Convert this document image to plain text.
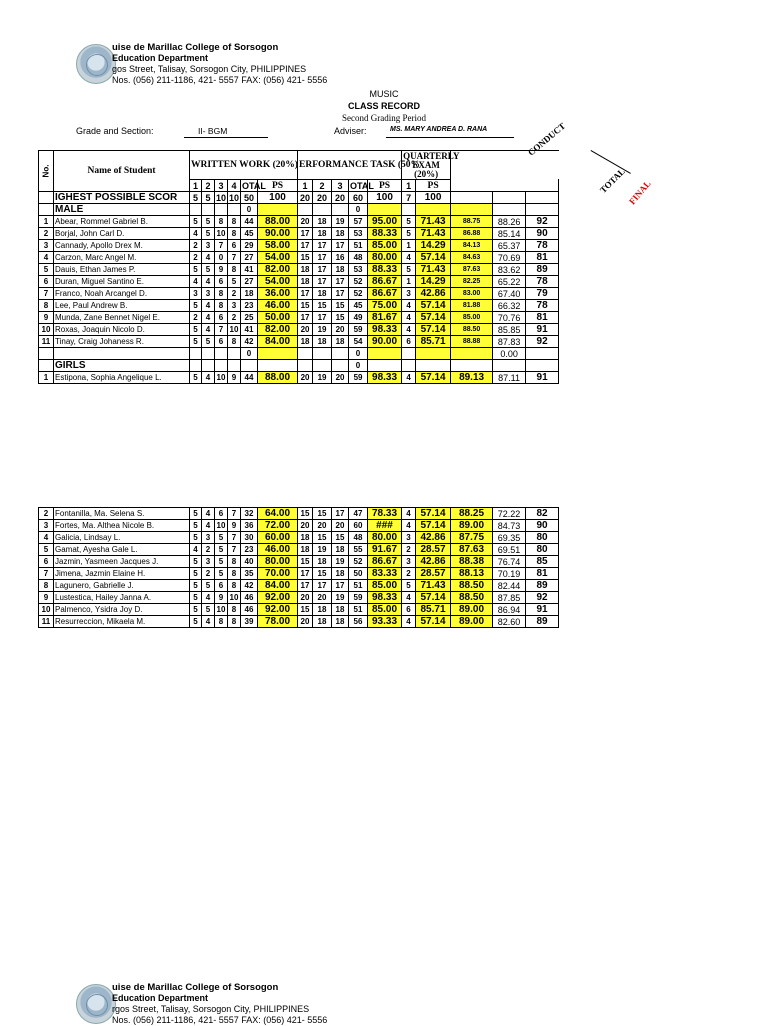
uise de Marillac College of Sorsogon
Education Department
gos Street, Talisay, Sorsogon City, PHILIPPINES
Nos. (056) 211-1186, 421- 5557 FAX: (056) 421- 5556
MUSIC
CLASS RECORD
Second Grading Period
Grade and Section:	II- BGM	Adviser:	MS. MARY ANDREA D. RANA
No.	Name of Student	WRITTEN WORK (20%)						ERFORMANCE TASK (50%					QUARTERLY EXAM (20%)					
		1	2	3	4	OTAL	PS	1	2	3	OTAL	PS	1	PS	
	IGHEST POSSIBLE SCOR	5	5	10	10	50	100	20	20	20	60	100	7	100				
	MALE					0					0							
1	Abear, Rommel Gabriel B.	5	5	8	8	44	88.00	20	18	19	57	95.00	5	71.43	88.75	88.26	92	
2	Borjal, John Carl D.	4	5	10	8	45	90.00	17	18	18	53	88.33	5	71.43	86.88	85.14	90	
3	Cannady, Apollo Drex M.	2	3	7	6	29	58.00	17	17	17	51	85.00	1	14.29	84.13	65.37	78	
4	Carzon, Marc Angel M.	2	4	0	7	27	54.00	15	17	16	48	80.00	4	57.14	84.63	70.69	81	
5	Dauis, Ethan James P.	5	5	9	8	41	82.00	18	17	18	53	88.33	5	71.43	87.63	83.62	89	
6	Duran, Miguel Santino E.	4	4	6	5	27	54.00	18	17	17	52	86.67	1	14.29	82.25	65.22	78	
7	Franco, Noah Arcangel D.	3	3	8	2	18	36.00	17	18	17	52	86.67	3	42.86	83.00	67.40	79	
8	Lee, Paul Andrew B.	5	4	8	3	23	46.00	15	15	15	45	75.00	4	57.14	81.88	66.32	78	
9	Munda, Zane Bennet Nigel E.	2	4	6	2	25	50.00	17	17	15	49	81.67	4	57.14	85.00	70.76	81	
10	Roxas, Joaquin Nicolo D.	5	4	7	10	41	82.00	20	19	20	59	98.33	4	57.14	88.50	85.85	91	
11	Tinay, Craig Johaness R.	5	5	6	8	42	84.00	18	18	18	54	90.00	6	85.71	88.88	87.83	92	
						0					0					0.00		
	GIRLS										0							
1	Estipona, Sophia Angelique L.	5	4	10	9	44	88.00	20	19	20	59	98.33	4	57.14	89.13	87.11	91	
CONDUCT
TOTAL FINAL
2	Fontanilla, Ma. Selena S.	5	4	6	7	32	64.00	15	15	17	47	78.33	4	57.14	88.25	72.22	82
3	Fortes, Ma. Althea Nicole B.	5	4	10	9	36	72.00	20	20	20	60	###	4	57.14	89.00	84.73	90
4	Galicia, Lindsay L.	5	3	5	7	30	60.00	18	15	15	48	80.00	3	42.86	87.75	69.35	80
5	Gamat, Ayesha Gale L.	4	2	5	7	23	46.00	18	19	18	55	91.67	2	28.57	87.63	69.51	80
6	Jazmin, Yasmeen Jacques J.	5	3	5	8	40	80.00	15	18	19	52	86.67	3	42.86	88.38	76.74	85
7	Jimena, Jazmin Elaine H.	5	2	5	8	35	70.00	17	15	18	50	83.33	2	28.57	88.13	70.19	81
8	Lagunero, Gabrielle J.	5	5	6	8	42	84.00	17	17	17	51	85.00	5	71.43	88.50	82.44	89
9	Lustestica, Hailey Janna A.	5	4	9	10	46	92.00	20	20	19	59	98.33	4	57.14	88.50	87.85	92
10	Palmenco, Ysidra Joy D.	5	5	10	8	46	92.00	15	18	18	51	85.00	6	85.71	89.00	86.94	91
11	Resurreccion, Mikaela M.	5	4	8	8	39	78.00	20	18	18	56	93.33	4	57.14	89.00	82.60	89
uise de Marillac College of Sorsogon
Education Department
rgos Street, Talisay, Sorsogon City, PHILIPPINES
Nos. (056) 211-1186, 421- 5557 FAX: (056) 421- 5556
